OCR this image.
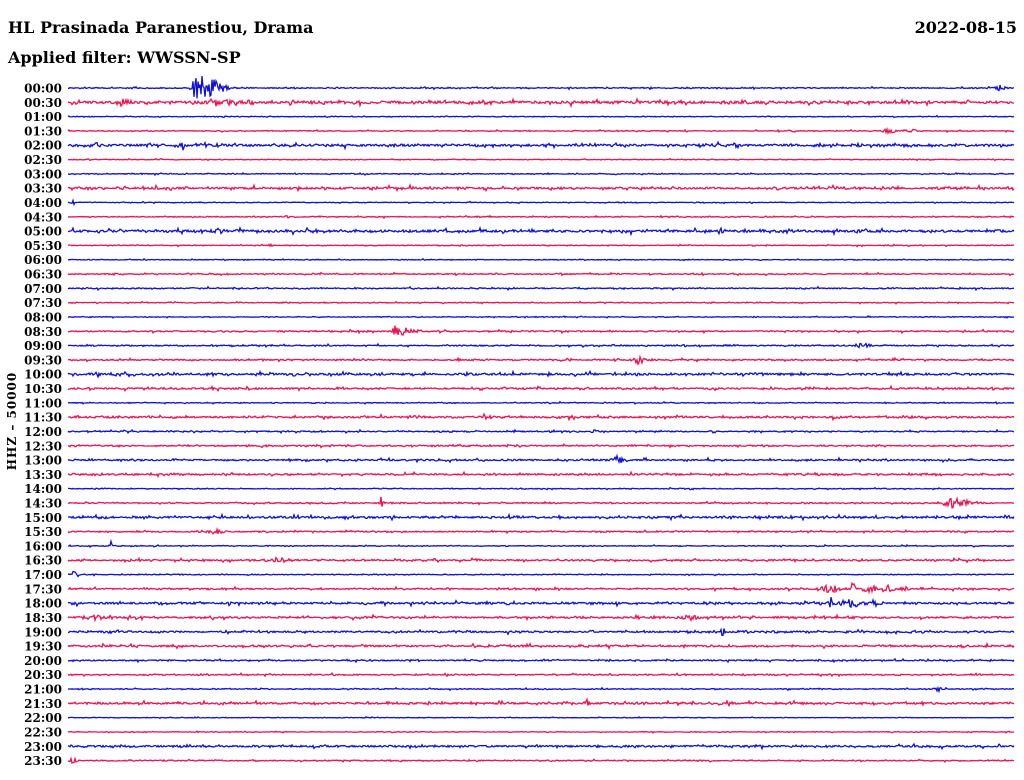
HL Prasinada Paranestiou, Drama	2022-08-15
Applied filter: WWSSN-SP
HHZ – 50000
00:00
00:30
01:00
01:30
02:00
02:30
03:00
03:30
04:00
04:30
05:00
05:30
06:00
06:30
07:00
07:30
08:00
08:30
09:00
09:30
10:00
10:30
11:00
11:30
12:00
12:30
13:00
13:30
14:00
14:30
15:00
15:30
16:00
16:30
17:00
17:30
18:00
18:30
19:00
19:30
20:00
20:30
21:00
21:30
22:00
22:30
23:00
23:30
